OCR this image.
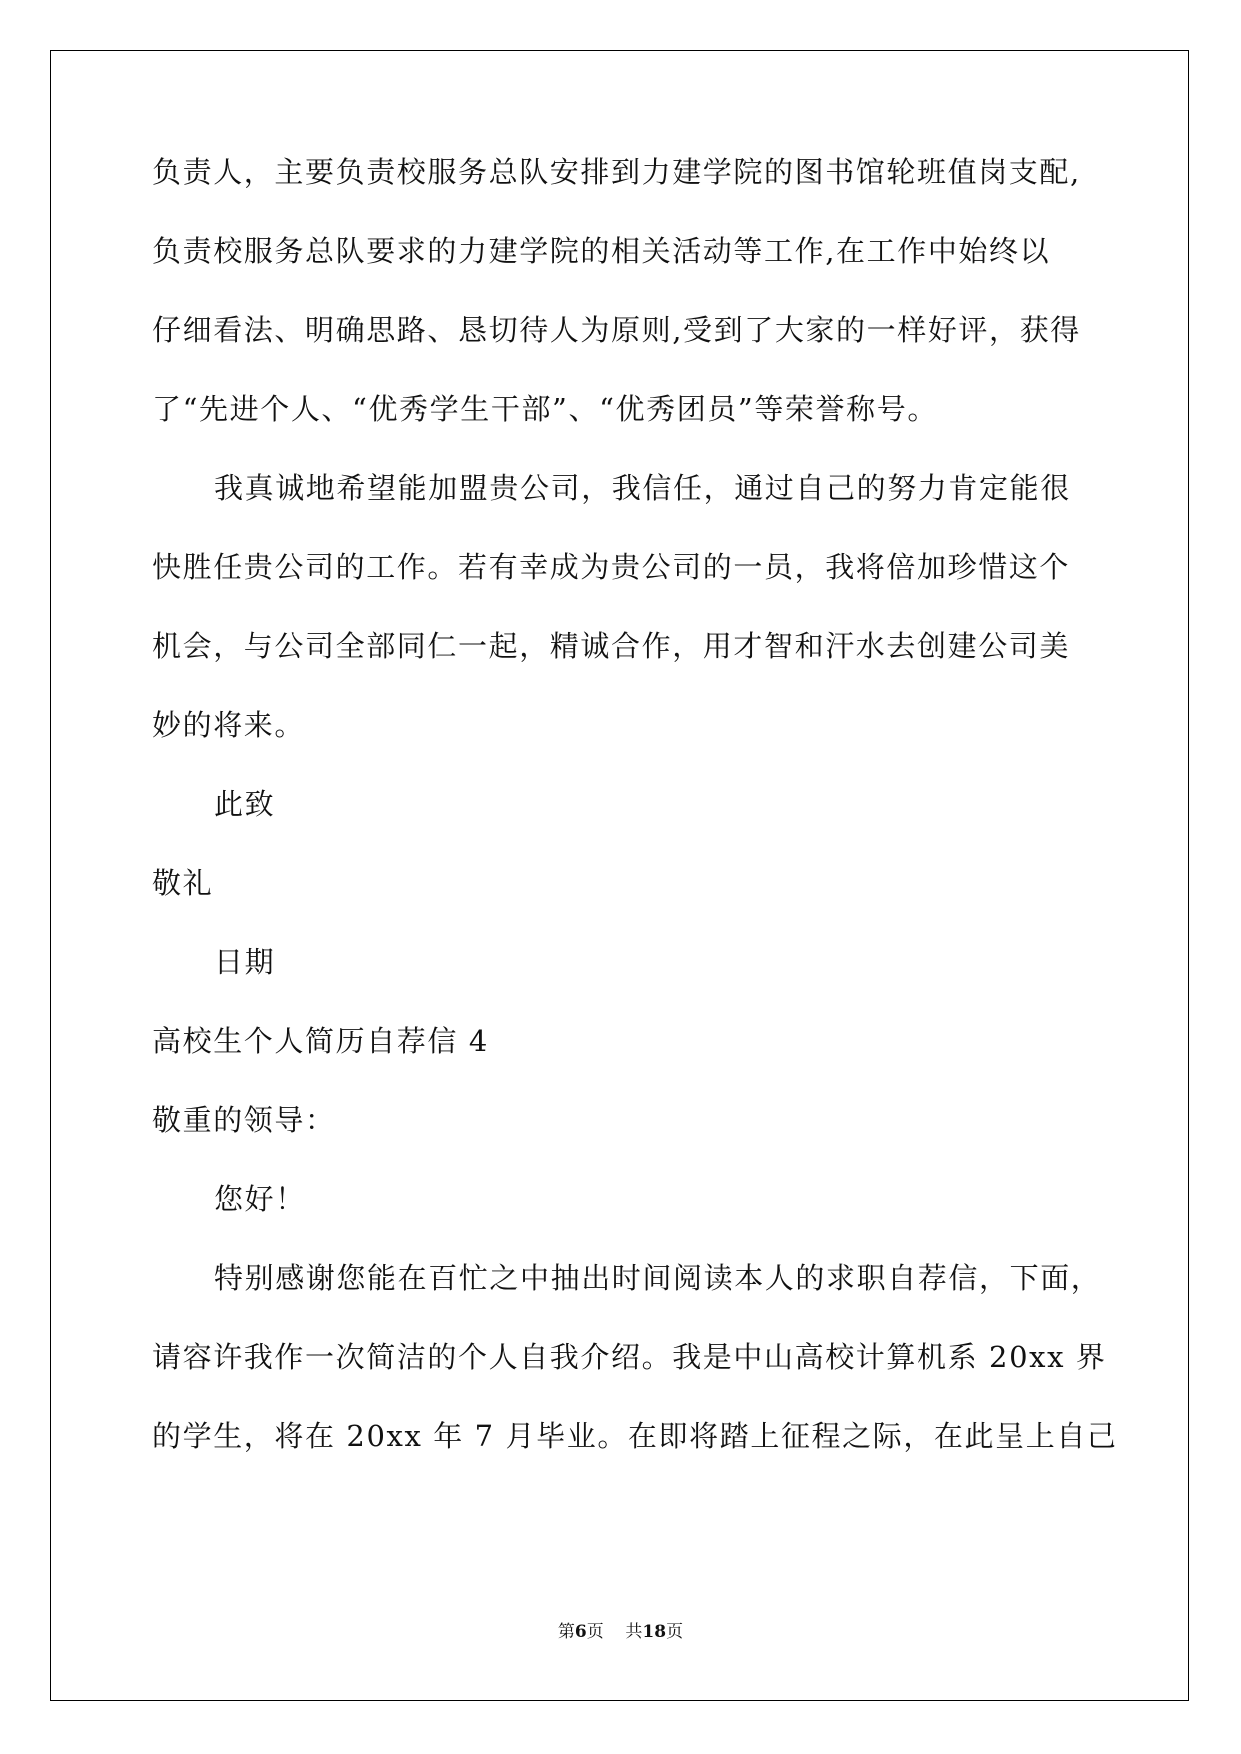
负责人，主要负责校服务总队安排到力建学院的图书馆轮班值岗支配,
负责校服务总队要求的力建学院的相关活动等工作,在工作中始终以
仔细看法、明确思路、恳切待人为原则,受到了大家的一样好评，获得
了“先进个人、“优秀学生干部”、“优秀团员”等荣誉称号。
我真诚地希望能加盟贵公司，我信任，通过自己的努力肯定能很
快胜任贵公司的工作。若有幸成为贵公司的一员，我将倍加珍惜这个
机会，与公司全部同仁一起，精诚合作，用才智和汗水去创建公司美
妙的将来。
此致
敬礼
日期
高校生个人简历自荐信 4
敬重的领导：
您好！
特别感谢您能在百忙之中抽出时间阅读本人的求职自荐信，下面，
请容许我作一次简洁的个人自我介绍。我是中山高校计算机系 20xx 界
的学生，将在 20xx 年 7 月毕业。在即将踏上征程之际，在此呈上自己
第6页 共18页
